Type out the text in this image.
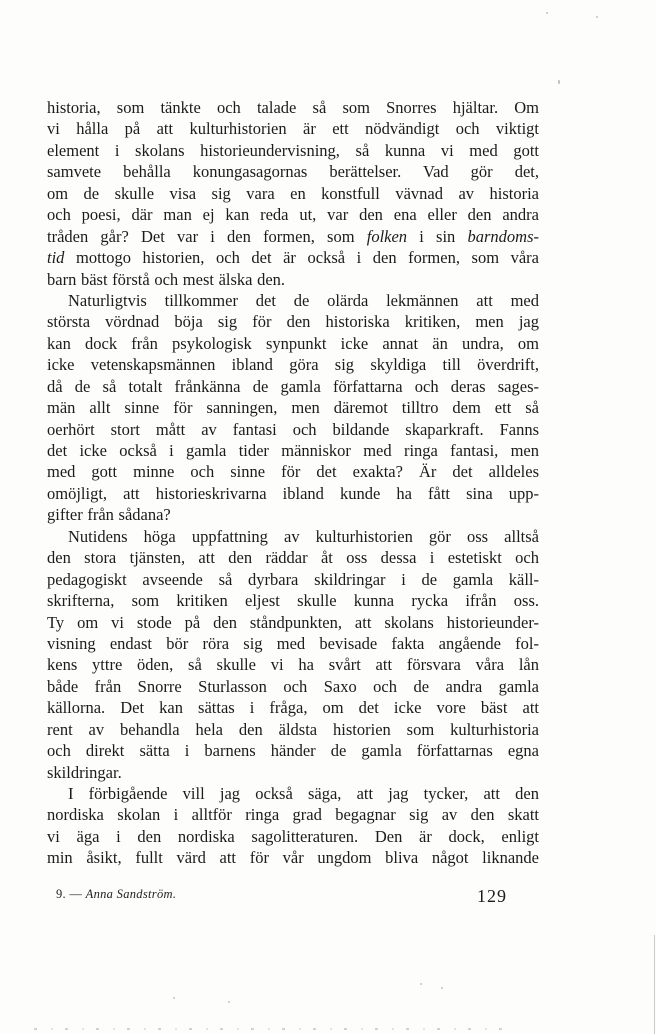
historia, som tänkte och talade så som Snorres hjältar. Om
vi hålla på att kulturhistorien är ett nödvändigt och viktigt
element i skolans historieundervisning, så kunna vi med gott
samvete behålla konungasagornas berättelser. Vad gör det,
om de skulle visa sig vara en konstfull vävnad av historia
och poesi, där man ej kan reda ut, var den ena eller den andra
tråden går? Det var i den formen, som folken i sin barndoms-
tid mottogo historien, och det är också i den formen, som våra
barn bäst förstå och mest älska den.
Naturligtvis tillkommer det de olärda lekmännen att med
största vördnad böja sig för den historiska kritiken, men jag
kan dock från psykologisk synpunkt icke annat än undra, om
icke vetenskapsmännen ibland göra sig skyldiga till överdrift,
då de så totalt frånkänna de gamla författarna och deras sages-
män allt sinne för sanningen, men däremot tilltro dem ett så
oerhört stort mått av fantasi och bildande skaparkraft. Fanns
det icke också i gamla tider människor med ringa fantasi, men
med gott minne och sinne för det exakta? Är det alldeles
omöjligt, att historieskrivarna ibland kunde ha fått sina upp-
gifter från sådana?
Nutidens höga uppfattning av kulturhistorien gör oss alltså
den stora tjänsten, att den räddar åt oss dessa i estetiskt och
pedagogiskt avseende så dyrbara skildringar i de gamla käll-
skrifterna, som kritiken eljest skulle kunna rycka ifrån oss.
Ty om vi stode på den ståndpunkten, att skolans historieunder-
visning endast bör röra sig med bevisade fakta angående fol-
kens yttre öden, så skulle vi ha svårt att försvara våra lån
både från Snorre Sturlasson och Saxo och de andra gamla
källorna. Det kan sättas i fråga, om det icke vore bäst att
rent av behandla hela den äldsta historien som kulturhistoria
och direkt sätta i barnens händer de gamla författarnas egna
skildringar.
I förbigående vill jag också säga, att jag tycker, att den
nordiska skolan i alltför ringa grad begagnar sig av den skatt
vi äga i den nordiska sagolitteraturen. Den är dock, enligt
min åsikt, fullt värd att för vår ungdom bliva något liknande
9. — Anna Sandström.	129
